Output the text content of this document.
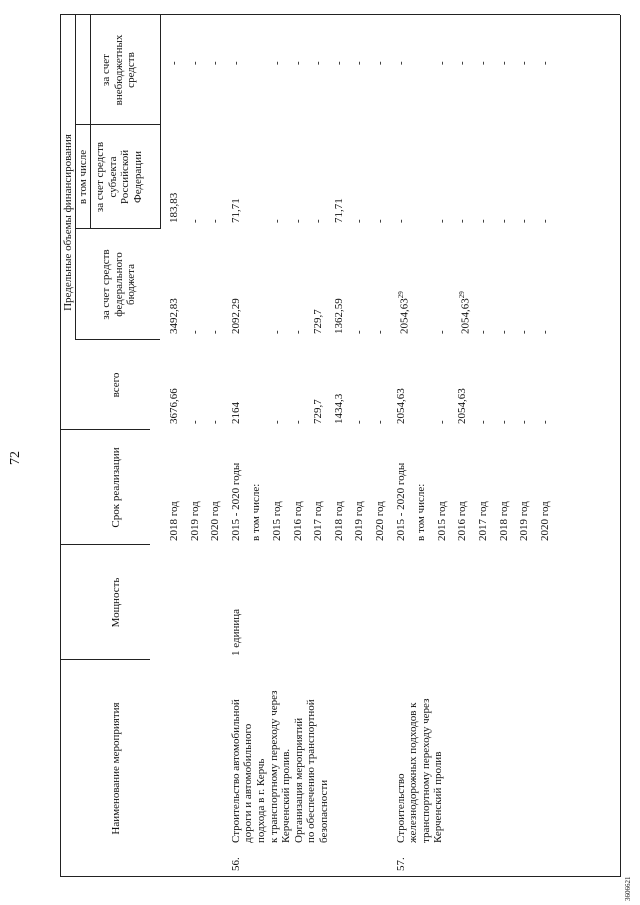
72
3606621
Наименование мероприятия
Мощность
Срок реализации
Предельные объемы финансирования
всего
в том числе
за счет средств федерального бюджета
за счет средств субъекта Российской Федерации
за счет внебюджетных средств
2018 год
3676,66
3492,83
183,83
-
2019 год
-
-
-
-
2020 год
-
-
-
-
56.
Строительство автомобильной дороги и автомобильного подхода в г. Керчь к транспортному переходу через Керченский пролив. Организация мероприятий по обеспечению транспортной безопасности
1 единица
2015 - 2020 годы
2164
2092,29
71,71
-
в том числе: 2015 год
-
-
-
-
2016 год
-
-
-
-
2017 год
729,7
729,7
-
-
2018 год
1434,3
1362,59
71,71
-
2019 год
-
-
-
-
2020 год
-
-
-
-
57.
Строительство железнодорожных подходов к транспортному переходу через Керченский пролив
2015 - 2020 годы
2054,63
2054,63$^{29}$
-
-
в том числе: 2015 год
-
-
-
-
2016 год
2054,63
2054,63$^{29}$
-
-
2017 год
-
-
-
-
2018 год
-
-
-
-
2019 год
-
-
-
-
2020 год
-
-
-
-
